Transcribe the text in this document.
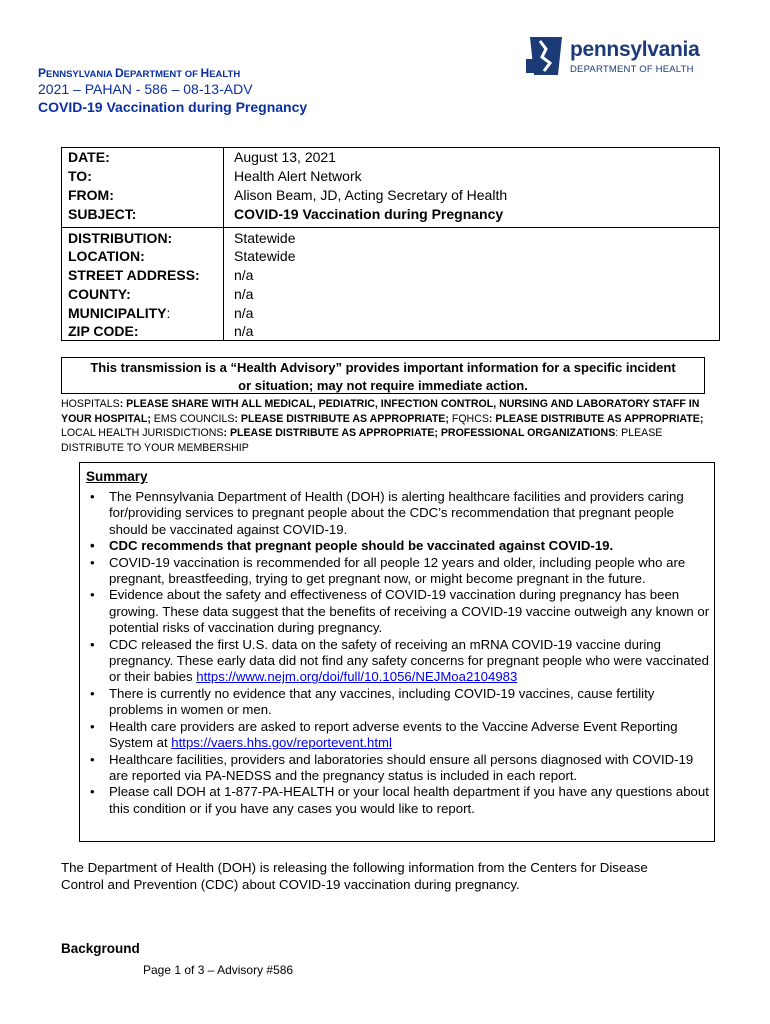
pennsylvania
DEPARTMENT OF HEALTH
PENNSYLVANIA DEPARTMENT OF HEALTH
2021 – PAHAN - 586 – 08-13-ADV
COVID-19 Vaccination during Pregnancy
DATE:	August 13, 2021
TO:	Health Alert Network
FROM:	Alison Beam, JD, Acting Secretary of Health
SUBJECT:	COVID-19 Vaccination during Pregnancy
DISTRIBUTION:	Statewide
LOCATION:	Statewide
STREET ADDRESS: n/a
COUNTY:	n/a
MUNICIPALITY:	n/a
ZIP CODE:	n/a
This transmission is a “Health Advisory” provides important information for a specific incident
or situation; may not require immediate action.
HOSPITALS: PLEASE SHARE WITH ALL MEDICAL, PEDIATRIC, INFECTION CONTROL, NURSING AND LABORATORY STAFF IN YOUR HOSPITAL; EMS COUNCILS: PLEASE DISTRIBUTE AS APPROPRIATE; FQHCS: PLEASE DISTRIBUTE AS APPROPRIATE; LOCAL HEALTH JURISDICTIONS: PLEASE DISTRIBUTE AS APPROPRIATE; PROFESSIONAL ORGANIZATIONS: PLEASE DISTRIBUTE TO YOUR MEMBERSHIP
Summary
• The Pennsylvania Department of Health (DOH) is alerting healthcare facilities and providers caring for/providing services to pregnant people about the CDC’s recommendation that pregnant people should be vaccinated against COVID-19.
• CDC recommends that pregnant people should be vaccinated against COVID-19.
• COVID-19 vaccination is recommended for all people 12 years and older, including people who are pregnant, breastfeeding, trying to get pregnant now, or might become pregnant in the future.
• Evidence about the safety and effectiveness of COVID-19 vaccination during pregnancy has been growing. These data suggest that the benefits of receiving a COVID-19 vaccine outweigh any known or potential risks of vaccination during pregnancy.
• CDC released the first U.S. data on the safety of receiving an mRNA COVID-19 vaccine during pregnancy. These early data did not find any safety concerns for pregnant people who were vaccinated or their babies https://www.nejm.org/doi/full/10.1056/NEJMoa2104983
• There is currently no evidence that any vaccines, including COVID-19 vaccines, cause fertility problems in women or men.
• Health care providers are asked to report adverse events to the Vaccine Adverse Event Reporting System at https://vaers.hhs.gov/reportevent.html
• Healthcare facilities, providers and laboratories should ensure all persons diagnosed with COVID-19 are reported via PA-NEDSS and the pregnancy status is included in each report.
• Please call DOH at 1-877-PA-HEALTH or your local health department if you have any questions about this condition or if you have any cases you would like to report.
The Department of Health (DOH) is releasing the following information from the Centers for Disease Control and Prevention (CDC) about COVID-19 vaccination during pregnancy.
Background
Page 1 of 3 – Advisory #586
